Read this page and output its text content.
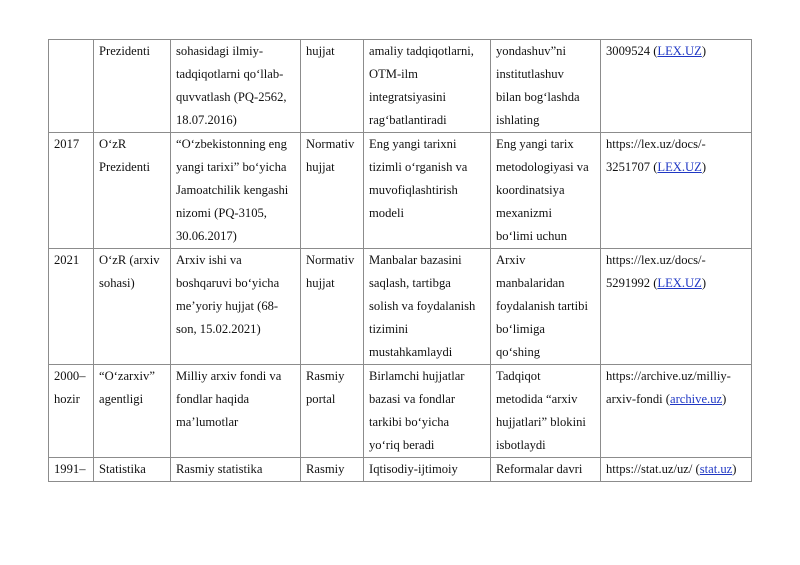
	Prezidenti	sohasidagi ilmiy-
tadqiqotlarni qo‘llab-
quvvatlash (PQ-2562,
18.07.2016)	hujjat	amaliy tadqiqotlarni,
OTM-ilm
integratsiyasini
rag‘batlantiradi	yondashuv”ni
institutlashuv
bilan bog‘lashda
ishlating	3009524 (LEX.UZ)

2017	O‘zR
Prezidenti	“O‘zbekistonning eng
yangi tarixi” bo‘yicha
Jamoatchilik kengashi
nizomi (PQ-3105,
30.06.2017)	Normativ
hujjat	Eng yangi tarixni
tizimli o‘rganish va
muvofiqlashtirish
modeli	Eng yangi tarix
metodologiyasi va
koordinatsiya
mexanizmi
bo‘limi uchun	https://lex.uz/docs/-
3251707 (LEX.UZ)

2021	O‘zR (arxiv
sohasi)	Arxiv ishi va
boshqaruvi bo‘yicha
me’yoriy hujjat (68-
son, 15.02.2021)	Normativ
hujjat	Manbalar bazasini
saqlash, tartibga
solish va foydalanish
tizimini
mustahkamlaydi	Arxiv
manbalaridan
foydalanish tartibi
bo‘limiga
qo‘shing	https://lex.uz/docs/-
5291992 (LEX.UZ)

2000–
hozir	“O‘zarxiv”
agentligi	Milliy arxiv fondi va
fondlar haqida
ma’lumotlar	Rasmiy
portal	Birlamchi hujjatlar
bazasi va fondlar
tarkibi bo‘yicha
yo‘riq beradi	Tadqiqot
metodida “arxiv
hujjatlari” blokini
isbotlaydi	https://archive.uz/milliy-
arxiv-fondi (archive.uz)

1991–	Statistika	Rasmiy statistika	Rasmiy	Iqtisodiy-ijtimoiy	Reformalar davri	https://stat.uz/uz/ (stat.uz)
